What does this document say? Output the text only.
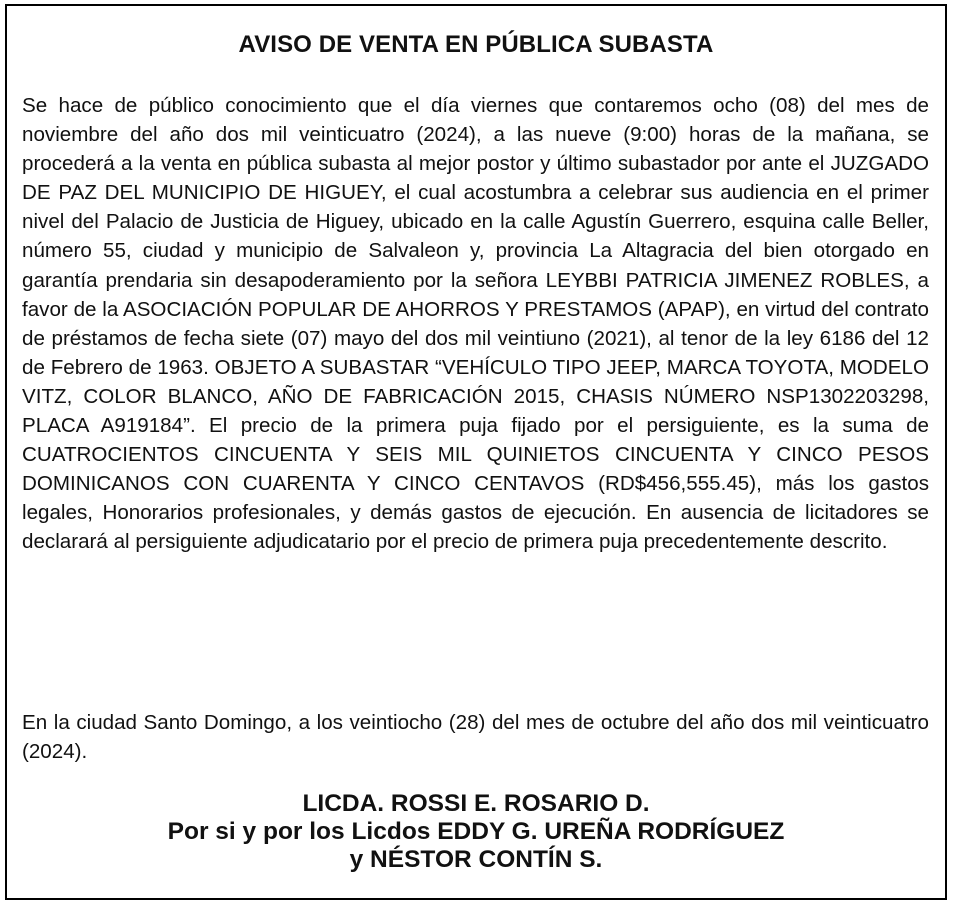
AVISO DE VENTA EN PÚBLICA SUBASTA
Se hace de público conocimiento que el día viernes que contaremos ocho (08) del mes de noviembre del año dos mil veinticuatro (2024), a las nueve (9:00) horas de la mañana, se procederá a la venta en pública subasta al mejor postor y último subastador por ante el JUZGADO DE PAZ DEL MUNICIPIO DE HIGUEY, el cual acostumbra a celebrar sus audiencia en el primer nivel del Palacio de Justicia de Higuey, ubicado en la calle Agustín Guerrero, esquina calle Beller, número 55, ciudad y municipio de Salvaleon y, provincia La Altagracia del bien otorgado en garantía prendaria sin desapoderamiento por la señora LEYBBI PATRICIA JIMENEZ ROBLES, a favor de la ASOCIACIÓN POPULAR DE AHORROS Y PRESTAMOS (APAP), en virtud del contrato de préstamos de fecha siete (07) mayo del dos mil veintiuno (2021), al tenor de la ley 6186 del 12 de Febrero de 1963. OBJETO A SUBASTAR “VEHÍCULO TIPO JEEP, MARCA TOYOTA, MODELO VITZ, COLOR BLANCO, AÑO DE FABRICACIÓN 2015, CHASIS NÚMERO NSP1302203298, PLACA A919184”. El precio de la primera puja fijado por el persiguiente, es la suma de CUATROCIENTOS CINCUENTA Y SEIS MIL QUINIETOS CINCUENTA Y CINCO PESOS DOMINICANOS CON CUARENTA Y CINCO CENTAVOS (RD$456,555.45), más los gastos legales, Honorarios profesionales, y demás gastos de ejecución. En ausencia de licitadores se declarará al persiguiente adjudicatario por el precio de primera puja precedentemente descrito.
En la ciudad Santo Domingo, a los veintiocho (28) del mes de octubre del año dos mil veinticuatro (2024).
LICDA. ROSSI E. ROSARIO D.
Por si y por los Licdos EDDY G. UREÑA RODRÍGUEZ
y NÉSTOR CONTÍN S.
